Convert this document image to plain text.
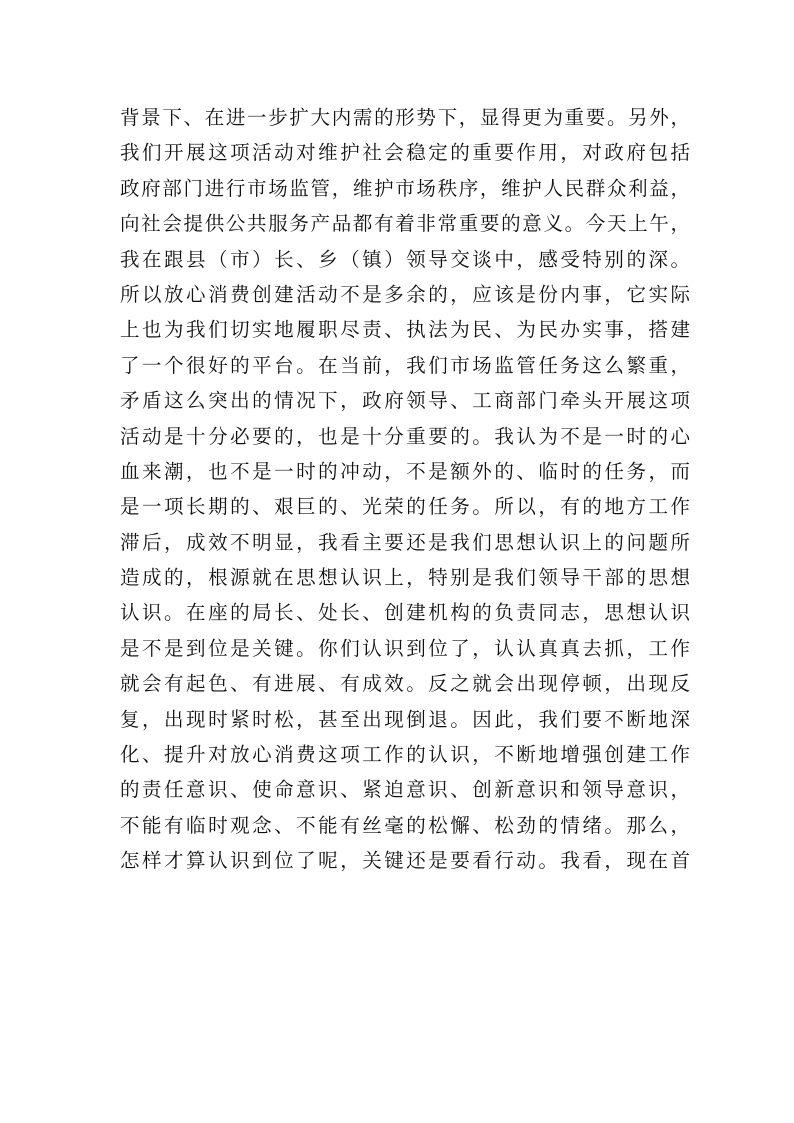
背景下、在进一步扩大内需的形势下，显得更为重要。另外，
我们开展这项活动对维护社会稳定的重要作用，对政府包括
政府部门进行市场监管，维护市场秩序，维护人民群众利益，
向社会提供公共服务产品都有着非常重要的意义。今天上午，
我在跟县（市）长、乡（镇）领导交谈中，感受特别的深。
所以放心消费创建活动不是多余的，应该是份内事，它实际
上也为我们切实地履职尽责、执法为民、为民办实事，搭建
了一个很好的平台。在当前，我们市场监管任务这么繁重，
矛盾这么突出的情况下，政府领导、工商部门牵头开展这项
活动是十分必要的，也是十分重要的。我认为不是一时的心
血来潮，也不是一时的冲动，不是额外的、临时的任务，而
是一项长期的、艰巨的、光荣的任务。所以，有的地方工作
滞后，成效不明显，我看主要还是我们思想认识上的问题所
造成的，根源就在思想认识上，特别是我们领导干部的思想
认识。在座的局长、处长、创建机构的负责同志，思想认识
是不是到位是关键。你们认识到位了，认认真真去抓，工作
就会有起色、有进展、有成效。反之就会出现停顿，出现反
复，出现时紧时松，甚至出现倒退。因此，我们要不断地深
化、提升对放心消费这项工作的认识，不断地增强创建工作
的责任意识、使命意识、紧迫意识、创新意识和领导意识，
不能有临时观念、不能有丝毫的松懈、松劲的情绪。那么，
怎样才算认识到位了呢，关键还是要看行动。我看，现在首
